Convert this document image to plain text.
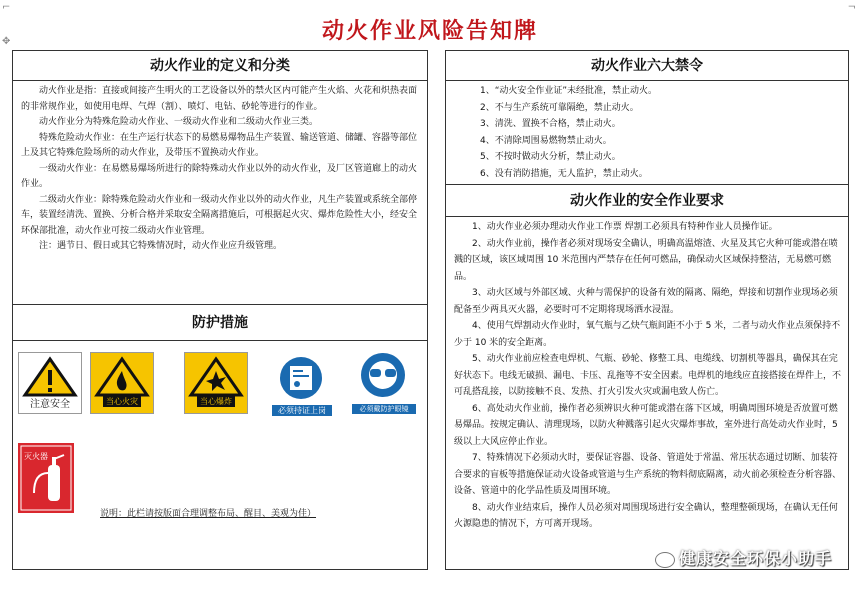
⌐
✥
¬
动火作业风险告知牌
动火作业的定义和分类

动火作业是指：直接或间接产生明火的工艺设备以外的禁火区内可能产生火焰、火花和炽热表面的非常规作业，如使用电焊、气焊（割）、喷灯、电钻、砂轮等进行的作业。

动火作业分为特殊危险动火作业、一级动火作业和二级动火作业三类。

特殊危险动火作业：在生产运行状态下的易燃易爆物品生产装置、输送管道、储罐、容器等部位上及其它特殊危险场所的动火作业，及带压不置换动火作业。

一级动火作业：在易燃易爆场所进行的除特殊动火作业以外的动火作业，及厂区管道廊上的动火作业。

二级动火作业：除特殊危险动火作业和一级动火作业以外的动火作业，凡生产装置或系统全部停车，装置经清洗、置换、分析合格并采取安全隔离措施后，可根据起火灾、爆炸危险性大小，经安全环保部批准，动火作业可按二级动火作业管理。

注：遇节日、假日或其它特殊情况时，动火作业应升级管理。

防护措施
注意安全	当心火灾	当心爆炸
必须持证上岗	必须戴防护眼镜
灭火器
说明：此栏请按版面合理调整布局、醒目、美观为佳）
动火作业六大禁令

1、“动火安全作业证”未经批准，禁止动火。

2、不与生产系统可靠隔绝，禁止动火。

3、清洗、置换不合格，禁止动火。

4、不清除周围易燃物禁止动火。

5、不按时做动火分析，禁止动火。

6、没有消防措施，无人监护，禁止动火。

动火作业的安全作业要求

1、动火作业必须办理动火作业工作票 焊割工必须具有特种作业人员操作证。

2、动火作业前，操作者必须对现场安全确认，明确高温熔渣、火星及其它火种可能或潜在喷溅的区域，该区域周围 10 米范围内严禁存在任何可燃品，确保动火区域保持整洁，无易燃可燃品。

3、动火区域与外部区域、火种与需保护的设备有效的隔离、隔绝，焊接和切割作业现场必须配备至少两具灭火器，必要时可不定期将现场洒水浸湿。

4、使用气焊割动火作业时，氧气瓶与乙炔气瓶间距不小于 5 米，二者与动火作业点须保持不少于 10 米的安全距离。

5、动火作业前应检查电焊机、气瓶、砂轮、修整工具、电缆线、切割机等器具，确保其在完好状态下。电线无破损、漏电、卡压、乱拖等不安全因素。电焊机的地线应直接搭接在焊件上，不可乱搭乱接，以防接触不良、发热、打火引发火灾或漏电致人伤亡。

6、高处动火作业前，操作者必须辨识火种可能或潜在落下区域，明确周围环境是否放置可燃易爆品。按规定确认、清理现场，以防火种溅落引起火灾爆炸事故，室外进行高处动火作业时，5 级以上大风应停止作业。

7、特殊情况下必须动火时，要保证容器、设备、管道处于常温、常压状态通过切断、加装符合要求的盲板等措施保证动火设备或管道与生产系统的物料彻底隔离，动火前必须检查分析容器、设备、管道中的化学品性质及周围环境。

8、动火作业结束后，操作人员必须对周围现场进行安全确认，整理整顿现场，在确认无任何火源隐患的情况下，方可离开现场。

健康安全环保小助手
